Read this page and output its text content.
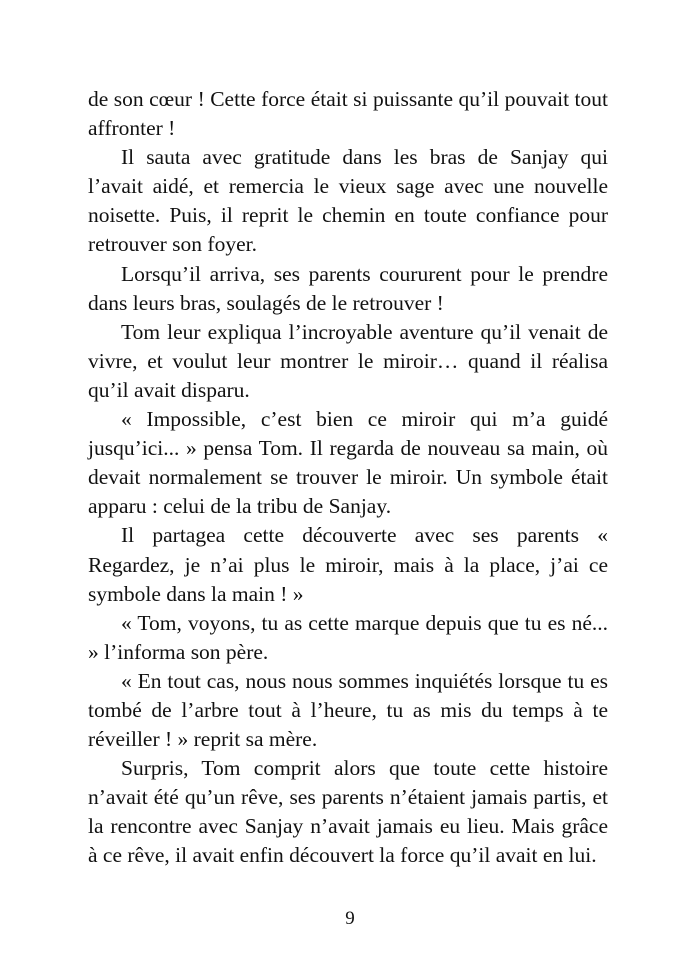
de son cœur ! Cette force était si puissante qu’il pouvait tout affronter !

Il sauta avec gratitude dans les bras de Sanjay qui l’avait aidé, et remercia le vieux sage avec une nouvelle noisette. Puis, il reprit le chemin en toute confiance pour retrouver son foyer.

Lorsqu’il arriva, ses parents coururent pour le prendre dans leurs bras, soulagés de le retrouver !

Tom leur expliqua l’incroyable aventure qu’il venait de vivre, et voulut leur montrer le miroir… quand il réalisa qu’il avait disparu.

« Impossible, c’est bien ce miroir qui m’a guidé jusqu’ici... » pensa Tom. Il regarda de nouveau sa main, où devait normalement se trouver le miroir. Un symbole était apparu : celui de la tribu de Sanjay.

Il partagea cette découverte avec ses parents « Regardez, je n’ai plus le miroir, mais à la place, j’ai ce symbole dans la main ! »

« Tom, voyons, tu as cette marque depuis que tu es né... » l’informa son père.

« En tout cas, nous nous sommes inquiétés lorsque tu es tombé de l’arbre tout à l’heure, tu as mis du temps à te réveiller ! » reprit sa mère.

Surpris, Tom comprit alors que toute cette histoire n’avait été qu’un rêve, ses parents n’étaient jamais partis, et la rencontre avec Sanjay n’avait jamais eu lieu. Mais grâce à ce rêve, il avait enfin découvert la force qu’il avait en lui.

9
